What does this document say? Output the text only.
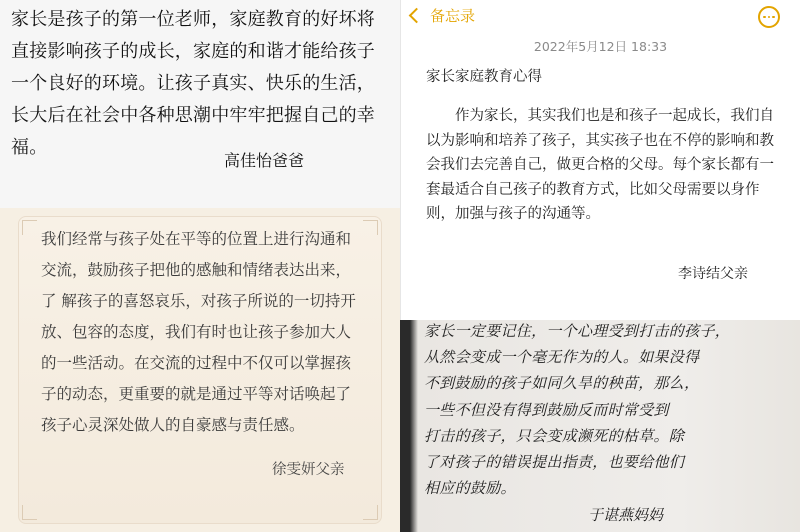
家长是孩子的第一位老师，家庭教育的好坏将直接影响孩子的成长，家庭的和谐才能给孩子一个良好的环境。让孩子真实、快乐的生活，长大后在社会中各种思潮中牢牢把握自己的幸福。
高佳怡爸爸
我们经常与孩子处在平等的位置上进行沟通和交流，鼓励孩子把他的感触和情绪表达出来，了 解孩子的喜怒哀乐，对孩子所说的一切持开放、包容的态度，我们有时也让孩子参加大人的一些活动。在交流的过程中不仅可以掌握孩子的动态，更重要的就是通过平等对话唤起了孩子心灵深处做人的自豪感与责任感。
徐雯妍父亲
备忘录
2022年5月12日 18:33
家长家庭教育心得
作为家长，其实我们也是和孩子一起成长，我们自以为影响和培养了孩子，其实孩子也在不停的影响和教会我们去完善自己，做更合格的父母。每个家长都有一套最适合自己孩子的教育方式，比如父母需要以身作则，加强与孩子的沟通等。
李诗结父亲
家长一定要记住，一个心理受到打击的孩子，
从然会变成一个毫无作为的人。如果没得
不到鼓励的孩子如同久旱的秧苗，那么，
一些不但没有得到鼓励反而时常受到
打击的孩子，只会变成濒死的枯草。除
了对孩子的错误提出指责，也要给他们
相应的鼓励。
于谌燕妈妈
